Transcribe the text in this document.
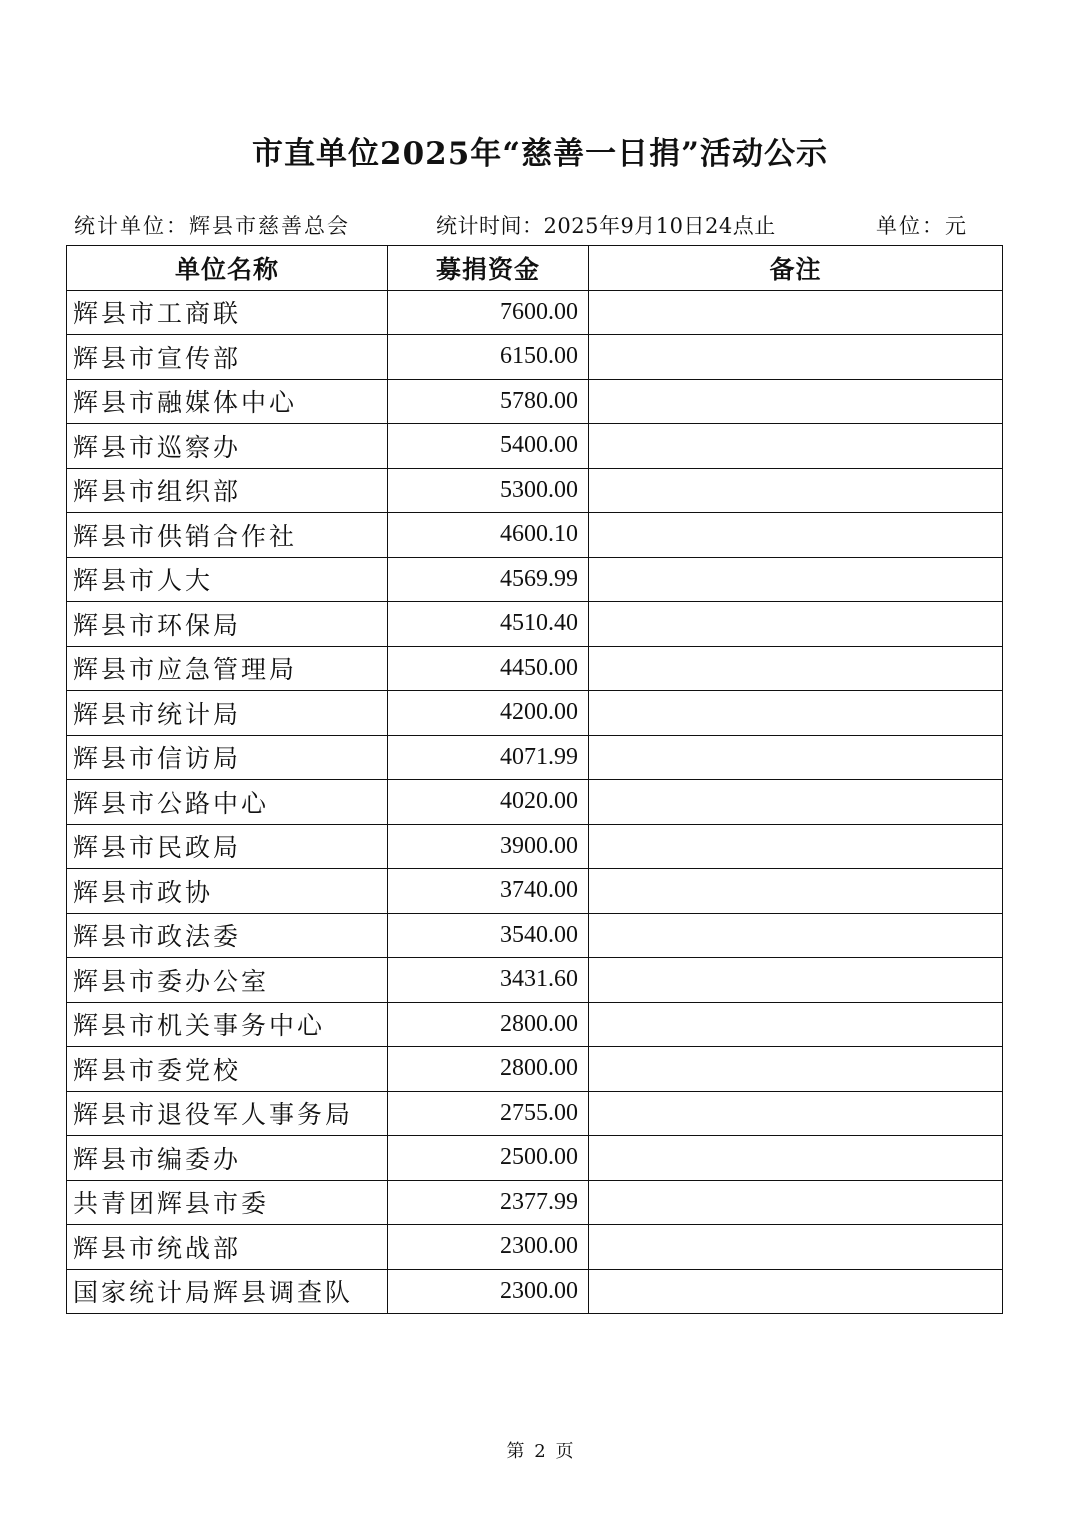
市直单位2025年“慈善一日捐”活动公示
统计单位：辉县市慈善总会	统计时间：2025年9月10日24点止	单位：元
单位名称	募捐资金	备注
辉县市工商联	7600.00	
辉县市宣传部	6150.00	
辉县市融媒体中心	5780.00	
辉县市巡察办	5400.00	
辉县市组织部	5300.00	
辉县市供销合作社	4600.10	
辉县市人大	4569.99	
辉县市环保局	4510.40	
辉县市应急管理局	4450.00	
辉县市统计局	4200.00	
辉县市信访局	4071.99	
辉县市公路中心	4020.00	
辉县市民政局	3900.00	
辉县市政协	3740.00	
辉县市政法委	3540.00	
辉县市委办公室	3431.60	
辉县市机关事务中心	2800.00	
辉县市委党校	2800.00	
辉县市退役军人事务局	2755.00	
辉县市编委办	2500.00	
共青团辉县市委	2377.99	
辉县市统战部	2300.00	
国家统计局辉县调查队	2300.00	
第 2 页
